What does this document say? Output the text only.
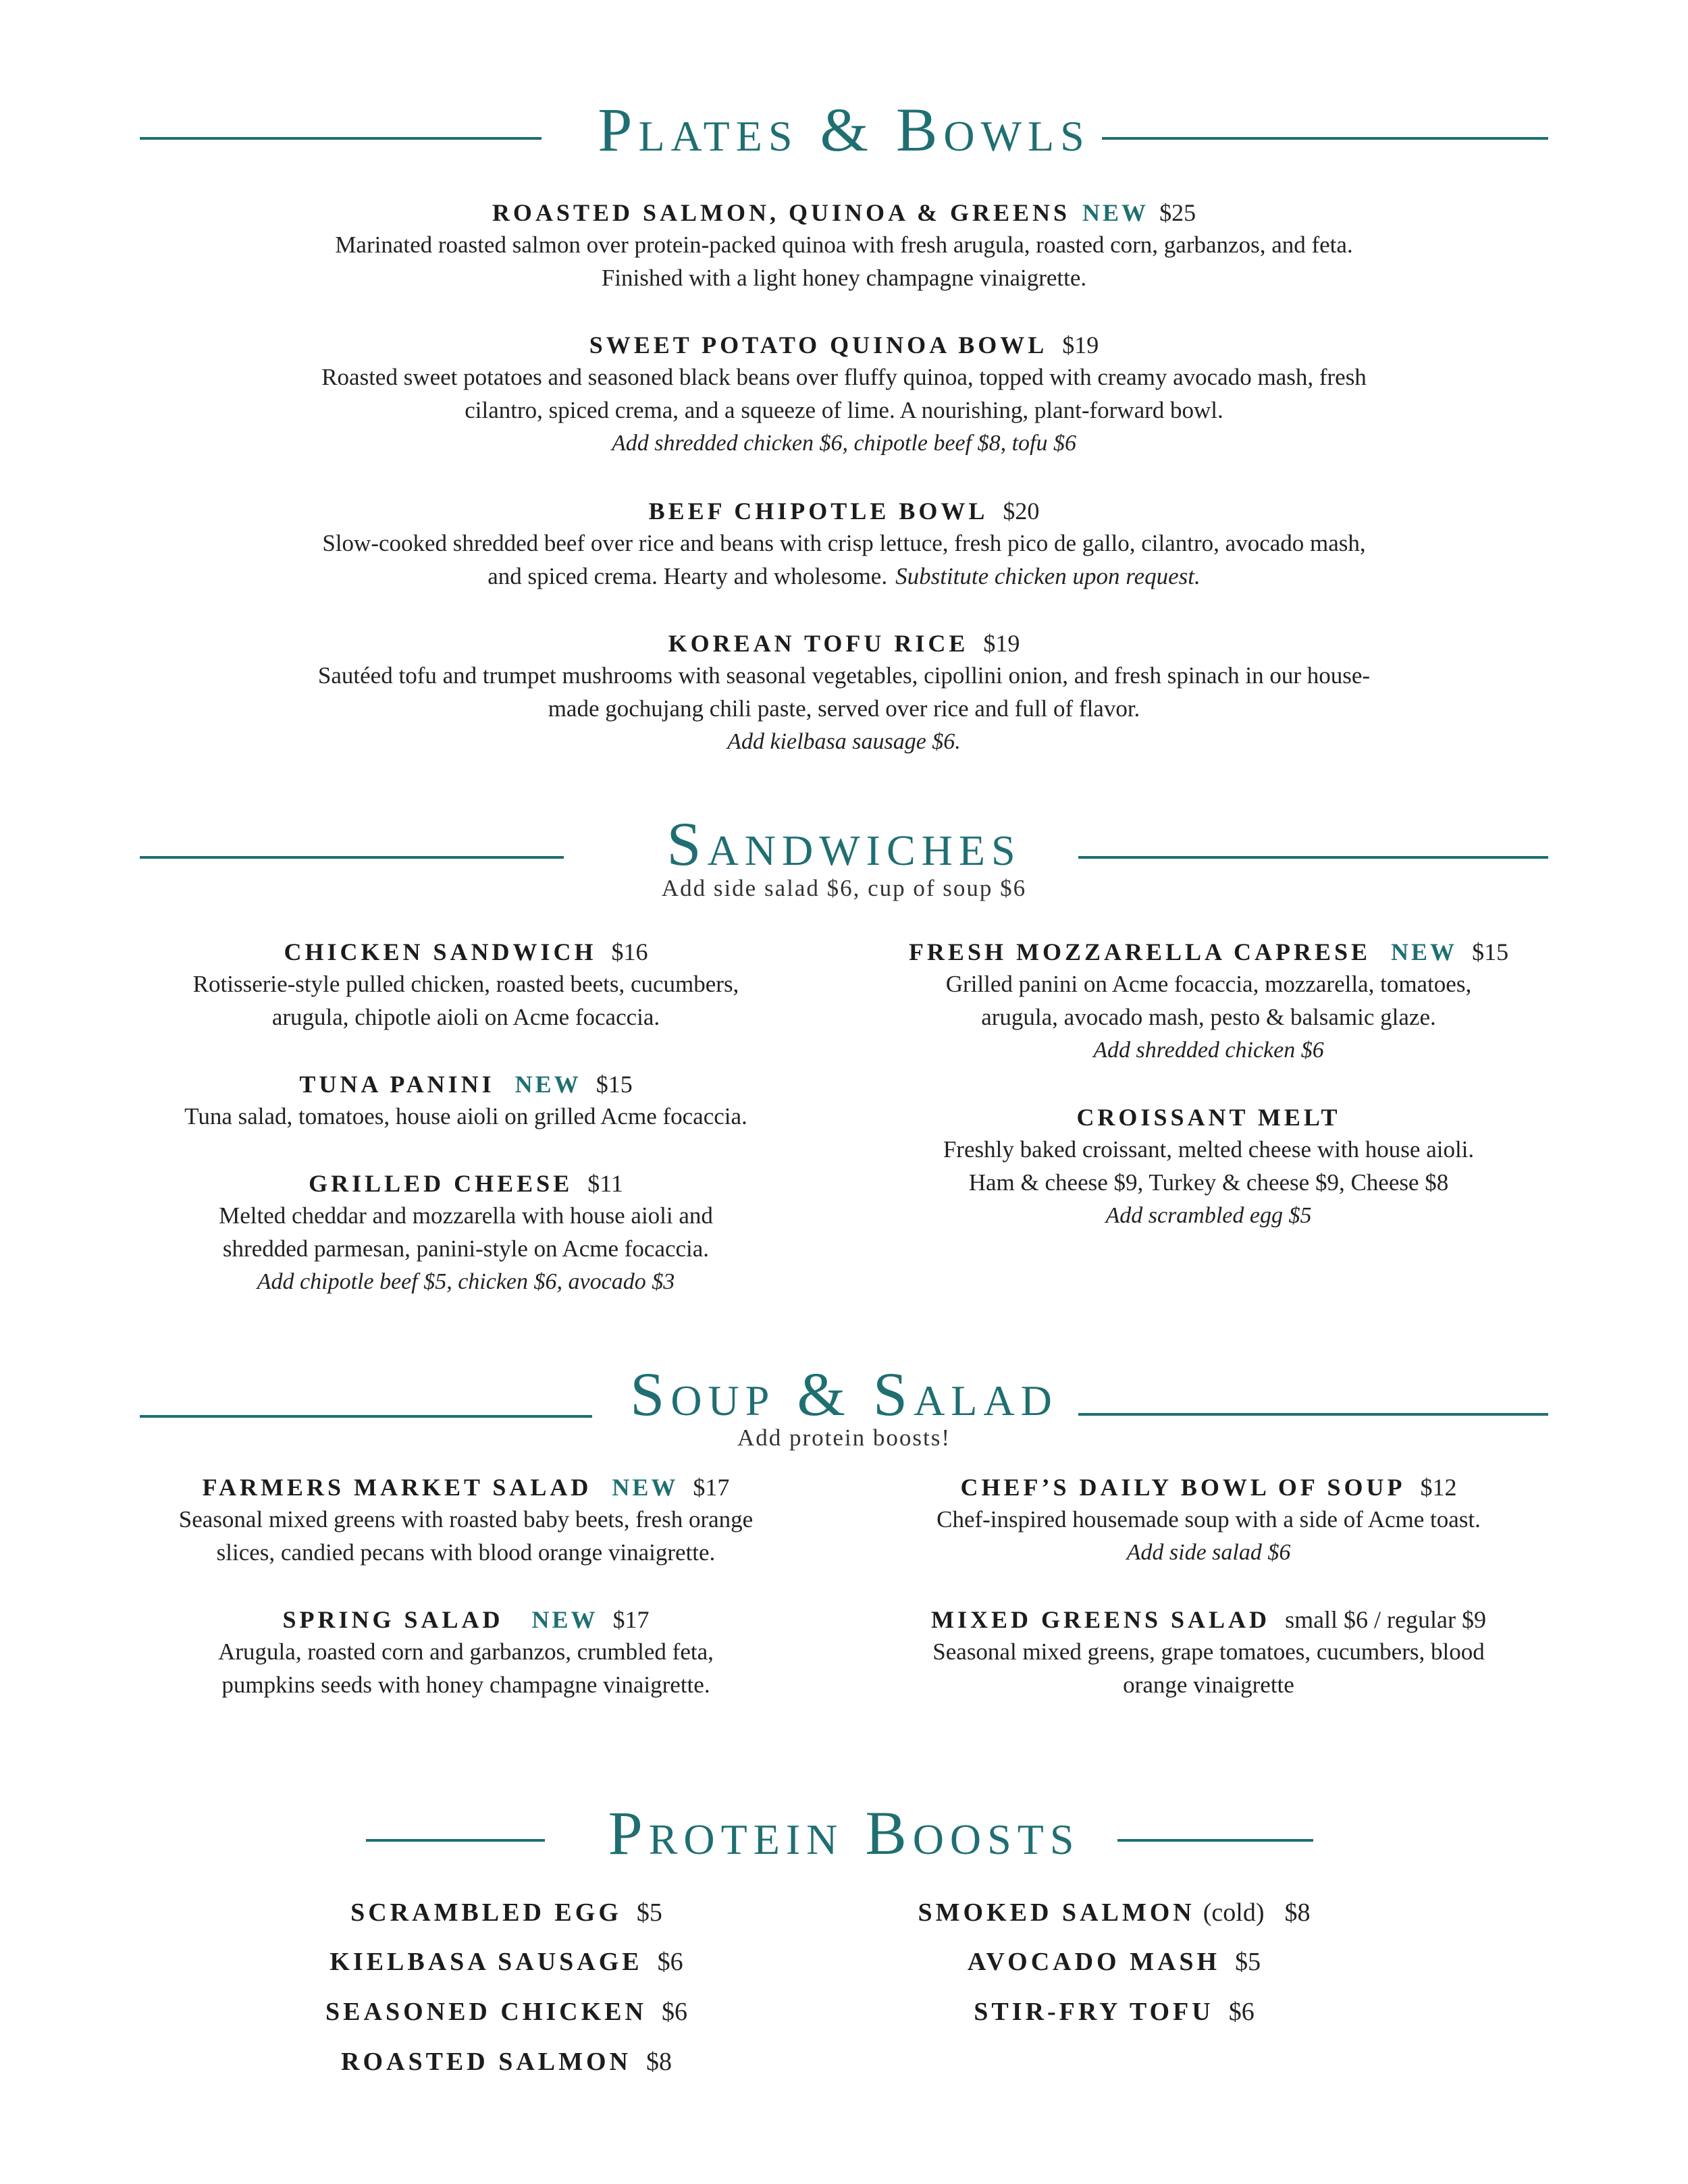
Plates & Bowls
ROASTED SALMON, QUINOA & GREENS NEW $25
Marinated roasted salmon over protein-packed quinoa with fresh arugula, roasted corn, garbanzos, and feta.
Finished with a light honey champagne vinaigrette.
SWEET POTATO QUINOA BOWL $19
Roasted sweet potatoes and seasoned black beans over fluffy quinoa, topped with creamy avocado mash, fresh
cilantro, spiced crema, and a squeeze of lime. A nourishing, plant-forward bowl.
Add shredded chicken $6, chipotle beef $8, tofu $6
BEEF CHIPOTLE BOWL $20
Slow-cooked shredded beef over rice and beans with crisp lettuce, fresh pico de gallo, cilantro, avocado mash,
and spiced crema. Hearty and wholesome. Substitute chicken upon request.
KOREAN TOFU RICE $19
Sautéed tofu and trumpet mushrooms with seasonal vegetables, cipollini onion, and fresh spinach in our house-
made gochujang chili paste, served over rice and full of flavor.
Add kielbasa sausage $6.
Sandwiches
Add side salad $6, cup of soup $6
CHICKEN SANDWICH $16
Rotisserie-style pulled chicken, roasted beets, cucumbers,
arugula, chipotle aioli on Acme focaccia.
TUNA PANINI NEW $15
Tuna salad, tomatoes, house aioli on grilled Acme focaccia.
GRILLED CHEESE $11
Melted cheddar and mozzarella with house aioli and
shredded parmesan, panini-style on Acme focaccia.
Add chipotle beef $5, chicken $6, avocado $3
FRESH MOZZARELLA CAPRESE NEW $15
Grilled panini on Acme focaccia, mozzarella, tomatoes,
arugula, avocado mash, pesto & balsamic glaze.
Add shredded chicken $6
CROISSANT MELT
Freshly baked croissant, melted cheese with house aioli.
Ham & cheese $9, Turkey & cheese $9, Cheese $8
Add scrambled egg $5
Soup & Salad
Add protein boosts!
FARMERS MARKET SALAD NEW $17
Seasonal mixed greens with roasted baby beets, fresh orange
slices, candied pecans with blood orange vinaigrette.
SPRING SALAD NEW $17
Arugula, roasted corn and garbanzos, crumbled feta,
pumpkins seeds with honey champagne vinaigrette.
CHEF’S DAILY BOWL OF SOUP $12
Chef-inspired housemade soup with a side of Acme toast.
Add side salad $6
MIXED GREENS SALAD small $6 / regular $9
Seasonal mixed greens, grape tomatoes, cucumbers, blood
orange vinaigrette
Protein Boosts
SCRAMBLED EGG $5
KIELBASA SAUSAGE $6
SEASONED CHICKEN $6
ROASTED SALMON $8
SMOKED SALMON (cold) $8
AVOCADO MASH $5
STIR-FRY TOFU $6
